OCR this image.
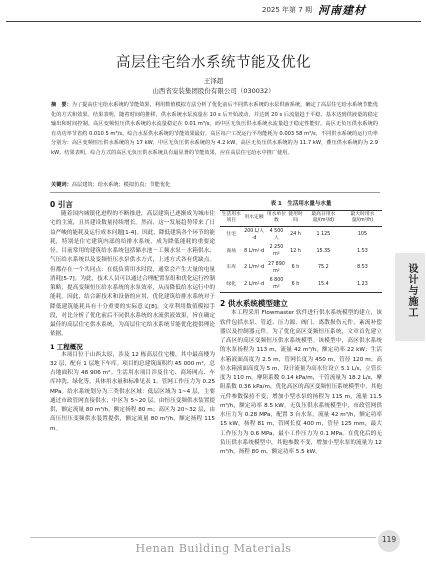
2025 年第 7 期 河南建材
高层住宅给水系统节能及优化
王泽超
山西省安装集团股份有限公司（030032）
摘　要：为了提高住宅给水系统的节能效果，利用数值模拟方法分析了优化前后不同供水系统的水泵供液系统，确定了高层住宅给水系统节能优化的方式和效果。结果表明，随着时间的推移，供水系统水泵流量在 10 s 后开始波动，并达到 20 s 后流量趋于平稳，基本达到供液量的稳定输出和时间控制。高区变频恒压供水系统的水流量稳定在 0.01 m³/s，而中区无负压供水系统水流量趋于稳定性能好。高区无负压供水系统的有功功率节省约 0.010 5 m³/s。综合水泵供水系统的节能效果最好，高区每户工况运行平均能耗为 0.003 58 m³/s，不同供水系统的运行功率分别为：高区变频恒压供水系统的为 17 kW，中区无负压供水系统的为 4.2 kW，高区无负压供水系统的为 11.7 kW，叠压供水系统的为 2.9 kW。结果表明，综合方式的高区无负压供水系统具有最显著的节能效果，应在高层住宅给水中推广使用。
关键词：高层建筑；给水系统；模拟仿真；节能优化
0 引言

随着国内城镇化进程的不断推进，高层建筑已逐渐成为城市住宅的主流，且其建设数量持续增长。然而，这一发展趋势带来了日益严峻的能耗及运行成本问题[1-4]。因此，降低建筑各个环节的能耗，特别是住宅建筑内部的给排水系统，成为降低能耗的重要途径。目前常用的建筑给水系统包括储水池－工频水泵－水箱供水、气压给水系统以及变频恒压水泵供水方式，上述方式各有优缺点。但都存在一个共同点：在低负荷用水时段，通常会产生大量的电量消耗[5-7]。为此，技术人员可以通过合理配置泵组和优化运行控制策略，提高变频恒压给水系统的水泵效率，从而降低给水运行中的能耗。因此，结合新技术和设备的应用，优化建筑给排水系统对于降低建筑能耗具有十分重要的实际意义[8]。文章利用数值模拟手段，对比分析了优化前后不同供水系统的水流供液效果，旨在确定最佳的高层住宅供水系统，为高层住宅给水系统节能优化提供理论依据。

1 工程概况

本项目位于山西太原，涉及 12 栋高层住宅楼，其中最高楼为 32 层，配有 1 层地下车库。项目的总建筑面积约 45 000 m²，总占地面积为 48 906 m²。生活用水项目涉及住宅、商场网点、车库冲洗、绿化等，具体用水量和标准见表 1。管网工作压力为 0.25 MPa。给水系统划分为三类供水区域：低层区域为 1~4 层，主要通过市政管网直接供水；中区为 5~20 层，由恒压变频供水装置提供，额定流量 80 m³/h，额定扬程 80 m；高区为 20~32 层，由高压恒压变频供水装置提供，额定流量 80 m³/h，额定扬程 115 m。

表 1　生活用水量与水量
生活用水项目	用水定额	用水单位数	使用时间	最高日用水量/(m³/d)	最大时用水量/(m³/h)
住宅	200 L/人·d	4 500 人	24 h	1 125	105
商场	8 L/m²·d	2 250 m²	12 h	15.35	1.53
车库	2 L/m²·d	27 890 m²	6 h	75.2	8.53
绿化	2 L/m²·d	6 800 m²	6 h	15.4	1.23
2 供水系统模型建立

本工程采用 Flowmaster 软件进行供水系统模型的建立，该软件包括水泵、管道、压力源、阀门、离散损伤元件、紊流补偿器以及控制器元件。为了优化高区变频恒压系统，文章首先建立了高区的高区变频恒压供水系统模型。该模型中，高区供水系统的水泵扬程为 113 m，流量 42 m³/h，额定功率 22 kW；生活水箱液面高度为 2.5 m，管网长度为 450 m，管径 120 m；高位水箱液面高度为 5 m，设计流量为高水位设立 5.1 L/s，立管长度为 110 m，摩阻系数 0.14 kPa/m，干管流量为 18.2 L/s，摩阻系数 0.36 kPa/m。优化高区的高区变频恒压系统模型中，其他元件参数保持不变，增加小型水泵的扬程为 115 m，流量 11.5 m³/h，额定功率 8.5 kW。无负压供水系统模型中，市政管网供水压力为 0.28 MPa，配置 3 台水泵，流量 42 m³/h，额定功率 15 kW，扬程 81 m，管网长度 400 m，管径 125 mm，最大工作压力为 0.6 MPa，最小工作压力为 0.1 MPa。在优化后的无负压供水系统模型中，其他参数不变，增加小型水泵的流量为 12 m³/h，扬程 80 m，额定功率 5.5 kW。

设计与施工
Henan Building Materials
119
